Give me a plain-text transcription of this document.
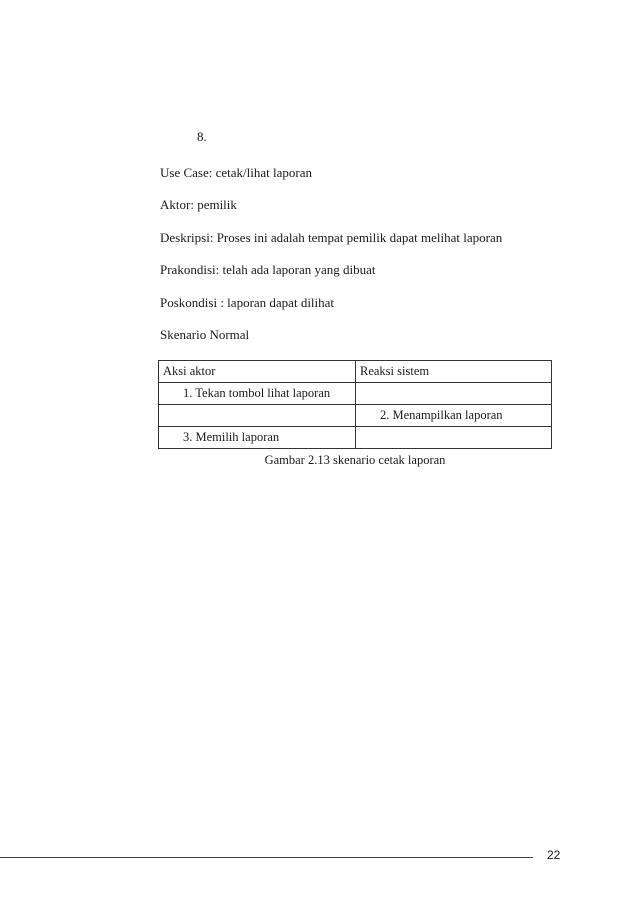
8.
Use Case: cetak/lihat laporan
Aktor: pemilik
Deskripsi: Proses ini adalah tempat pemilik dapat melihat laporan
Prakondisi: telah ada laporan yang dibuat
Poskondisi : laporan dapat dilihat
Skenario Normal
Aksi aktor	Reaksi sistem
1. Tekan tombol lihat laporan	
	2. Menampilkan laporan
3. Memilih laporan	
Gambar 2.13 skenario cetak laporan
22
